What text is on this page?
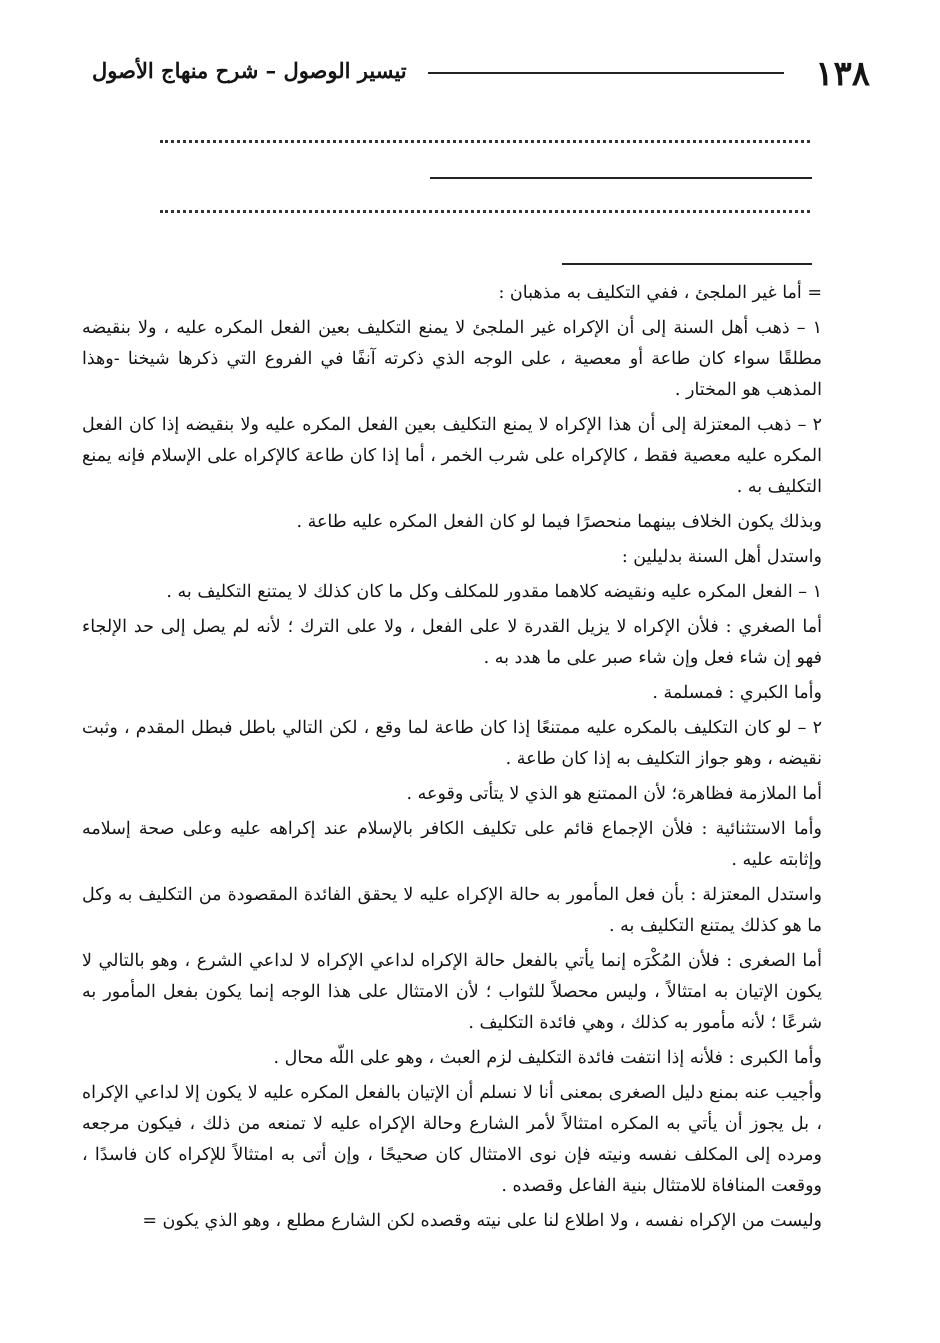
١٣٨
تيسير الوصول – شرح منهاج الأصول

= أما غير الملجئ ، ففي التكليف به مذهبان :

١ – ذهب أهل السنة إلى أن الإكراه غير الملجئ لا يمنع التكليف بعين الفعل المكره عليه ، ولا بنقيضه مطلقًا سواء كان طاعة أو معصية ، على الوجه الذي ذكرته آنفًا في الفروع التي ذكرها شيخنا -وهذا المذهب هو المختار .

٢ – ذهب المعتزلة إلى أن هذا الإكراه لا يمنع التكليف بعين الفعل المكره عليه ولا بنقيضه إذا كان الفعل المكره عليه معصية فقط ، كالإكراه على شرب الخمر ، أما إذا كان طاعة كالإكراه على الإسلام فإنه يمنع التكليف به .

وبذلك يكون الخلاف بينهما منحصرًا فيما لو كان الفعل المكره عليه طاعة .

واستدل أهل السنة بدليلين :

١ – الفعل المكره عليه ونقيضه كلاهما مقدور للمكلف وكل ما كان كذلك لا يمتنع التكليف به .

أما الصغري : فلأن الإكراه لا يزيل القدرة لا على الفعل ، ولا على الترك ؛ لأنه لم يصل إلى حد الإلجاء فهو إن شاء فعل وإن شاء صبر على ما هدد به .

وأما الكبري : فمسلمة .

٢ – لو كان التكليف بالمكره عليه ممتنعًا إذا كان طاعة لما وقع ، لكن التالي باطل فبطل المقدم ، وثبت نقيضه ، وهو جواز التكليف به إذا كان طاعة .

أما الملازمة فظاهرة؛ لأن الممتنع هو الذي لا يتأتى وقوعه .

وأما الاستثنائية : فلأن الإجماع قائم على تكليف الكافر بالإسلام عند إكراهه عليه وعلى صحة إسلامه وإثابته عليه .

واستدل المعتزلة : بأن فعل المأمور به حالة الإكراه عليه لا يحقق الفائدة المقصودة من التكليف به وكل ما هو كذلك يمتنع التكليف به .

أما الصغرى : فلأن المُكْرَه إنما يأتي بالفعل حالة الإكراه لداعي الإكراه لا لداعي الشرع ، وهو بالتالي لا يكون الإتيان به امتثالاً ، وليس محصلاً للثواب ؛ لأن الامتثال على هذا الوجه إنما يكون بفعل المأمور به شرعًا ؛ لأنه مأمور به كذلك ، وهي فائدة التكليف .

وأما الكبرى : فلأنه إذا انتفت فائدة التكليف لزم العبث ، وهو على اللّه محال .

وأجيب عنه بمنع دليل الصغرى بمعنى أنا لا نسلم أن الإتيان بالفعل المكره عليه لا يكون إلا لداعي الإكراه ، بل يجوز أن يأتي به المكره امتثالاً لأمر الشارع وحالة الإكراه عليه لا تمنعه من ذلك ، فيكون مرجعه ومرده إلى المكلف نفسه ونيته فإن نوى الامتثال كان صحيحًا ، وإن أتى به امتثالاً للإكراه كان فاسدًا ، ووقعت المنافاة للامتثال بنية الفاعل وقصده .

وليست من الإكراه نفسه ، ولا اطلاع لنا على نيته وقصده لكن الشارع مطلع ، وهو الذي يكون =
